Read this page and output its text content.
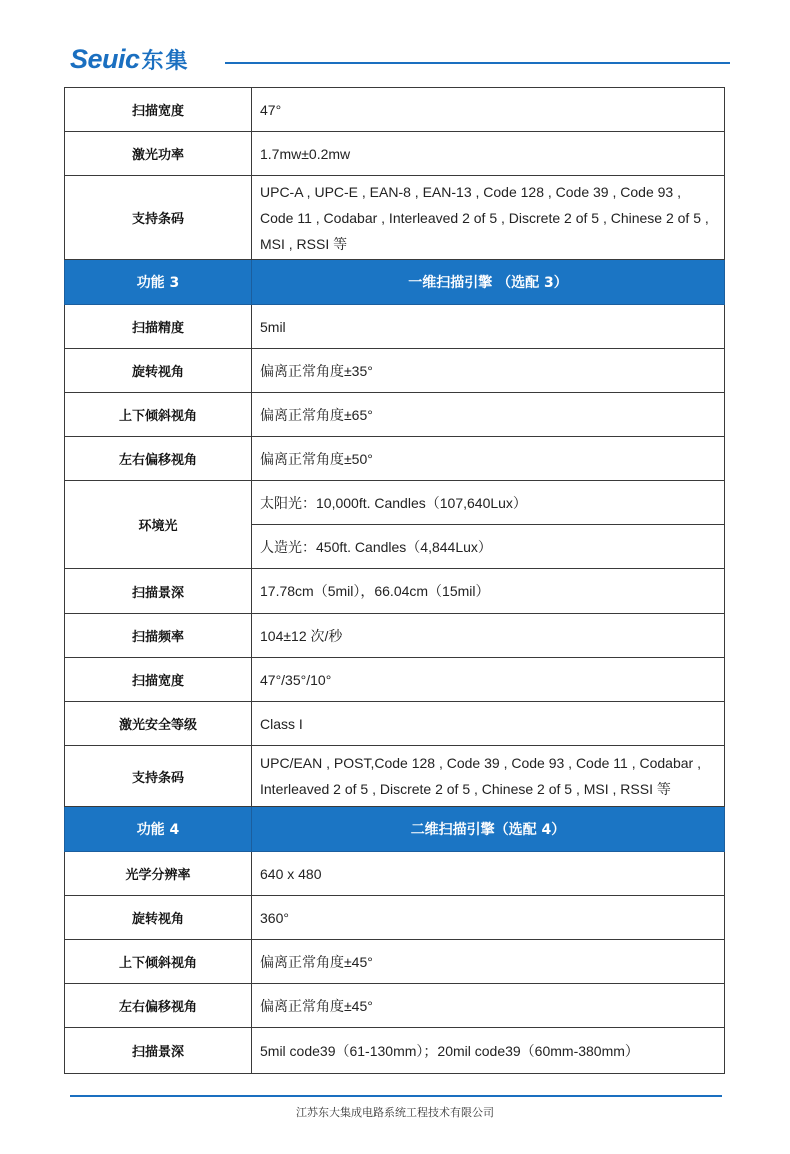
Seuic 东集
扫描宽度	47°
激光功率	1.7mw±0.2mw
支持条码	UPC-A , UPC-E , EAN-8 , EAN-13 , Code 128 , Code 39 , Code 93 , Code 11 , Codabar , Interleaved 2 of 5 , Discrete 2 of 5 , Chinese 2 of 5 , MSI , RSSI 等
功能 3	一维扫描引擎 （选配 3）
扫描精度	5mil
旋转视角	偏离正常角度±35°
上下倾斜视角	偏离正常角度±65°
左右偏移视角	偏离正常角度±50°
环境光	太阳光：10,000ft. Candles（107,640Lux）
	人造光：450ft. Candles（4,844Lux）
扫描景深	17.78cm（5mil），66.04cm（15mil）
扫描频率	104±12 次/秒
扫描宽度	47°/35°/10°
激光安全等级	Class I
支持条码	UPC/EAN , POST,Code 128 , Code 39 , Code 93 , Code 11 , Codabar , Interleaved 2 of 5 , Discrete 2 of 5 , Chinese 2 of 5 , MSI , RSSI 等
功能 4	二维扫描引擎（选配 4）
光学分辨率	640 x 480
旋转视角	360°
上下倾斜视角	偏离正常角度±45°
左右偏移视角	偏离正常角度±45°
扫描景深	5mil code39（61-130mm）；20mil code39（60mm-380mm）
江苏东大集成电路系统工程技术有限公司
